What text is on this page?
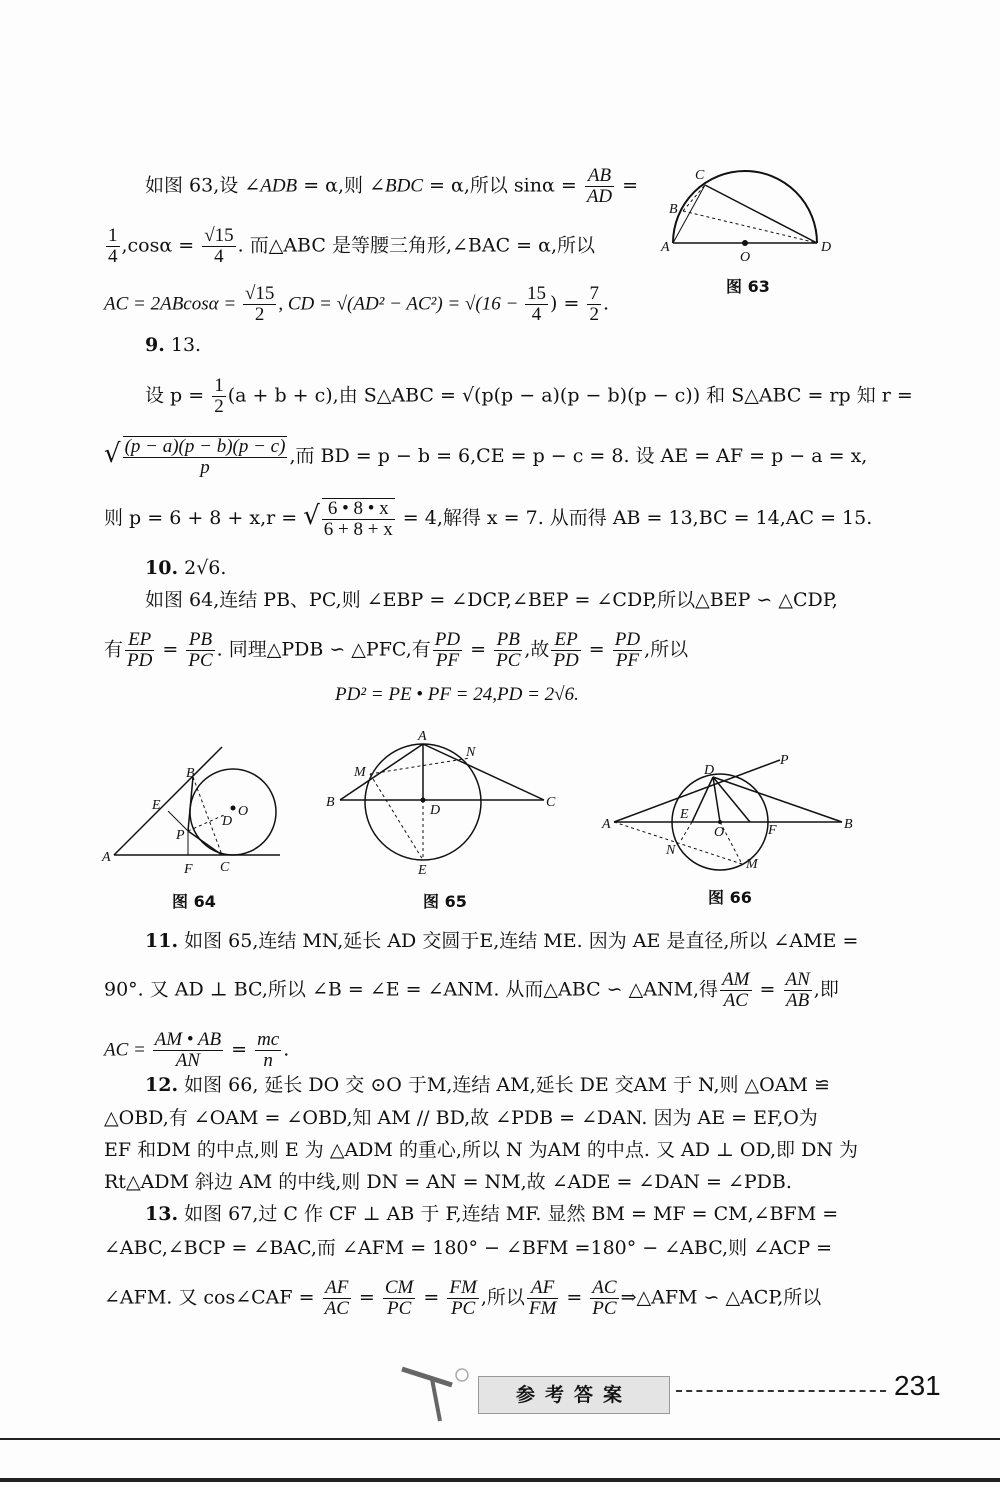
如图 63,设 ∠ADB = α,则 ∠BDC = α,所以 $\sin\alpha = \frac{AB}{AD}$ =
$\frac{1}{4} ,\cos\alpha = \frac{√15}{4}$ . 而△ABC 是等腰三角形,∠BAC = α,所以
AC = $2ABcos\alpha = \frac{√15}{2}$ , CD = $√(AD^2 - AC^2) = √(16 - \frac{15}{4}$ ) = $\frac{7}{2}$ .
C
B
A	D
O
图 63
9. 13.
设 $p = \frac{1}{2} (a + b + c)$,由 S△ABC = √(p(p − a)(p − b)(p − c)) 和 S△ABC = rp 知 r =
√ $\frac{(p - a)(p - b)(p - c)}{p}$ ,而 BD = p − b = 6,CE = p − c = 8. 设 AE = AF = p − a = x,
则 p = 6 + 8 + x,r = √ $\frac{6 • 8 • x}{6 + 8 + x} = 4$,解得 x = 7. 从而得 AB = 13,BC = 14,AC = 15.
10. 2√6.
如图 64,连结 PB、PC,则 ∠EBP = ∠DCP,∠BEP = ∠CDP,所以△BEP ∽ △CDP,
有 $\frac{EP}{PD} = \frac{PB}{PC}$ . 同理△PDB ∽ △PFC,有 $\frac{PD}{PF} = \frac{PB}{PC}$ ,故 $\frac{EP}{PD} = \frac{PD}{PF}$ ,所以
PD² = PE • PF = 24,PD = 2√6.
B
E
P
D
O
A
F C
图 64
A
N
M
B	C
D
E
图 65
D
P
A	B
E
O	F
N
M
图 66
11. 如图 65,连结 MN,延长 AD 交圆于E,连结 ME. 因为 AE 是直径,所以 ∠AME =
90°. 又 AD ⊥ BC,所以 ∠B = ∠E = ∠ANM. 从而△ABC ∽ △ANM,得 $\frac{AM}{AC} = \frac{AN}{AB}$ ,即
AC = $\frac{AM • AB}{AN} = \frac{mc}{n}$ .
12. 如图 66, 延长 DO 交 ⊙O 于M,连结 AM,延长 DE 交AM 于 N,则 △OAM ≌
△OBD,有 ∠OAM = ∠OBD,知 AM // BD,故 ∠PDB = ∠DAN. 因为 AE = EF,O为
EF 和DM 的中点,则 E 为 △ADM 的重心,所以 N 为AM 的中点. 又 AD ⊥ OD,即 DN 为
Rt△ADM 斜边 AM 的中线,则 DN = AN = NM,故 ∠ADE = ∠DAN = ∠PDB.
13. 如图 67,过 C 作 CF ⊥ AB 于 F,连结 MF. 显然 BM = MF = CM,∠BFM =
∠ABC,∠BCP = ∠BAC,而 ∠AFM = 180° − ∠BFM =180° − ∠ABC,则 ∠ACP =
∠AFM. 又 cos∠CAF = $\frac{AF}{AC} = \frac{CM}{PC} = \frac{FM}{PC}$ ,所以 $\frac{AF}{FM} = \frac{AC}{PC}$ ⇒△AFM ∽ △ACP,所以
参考答案	231
